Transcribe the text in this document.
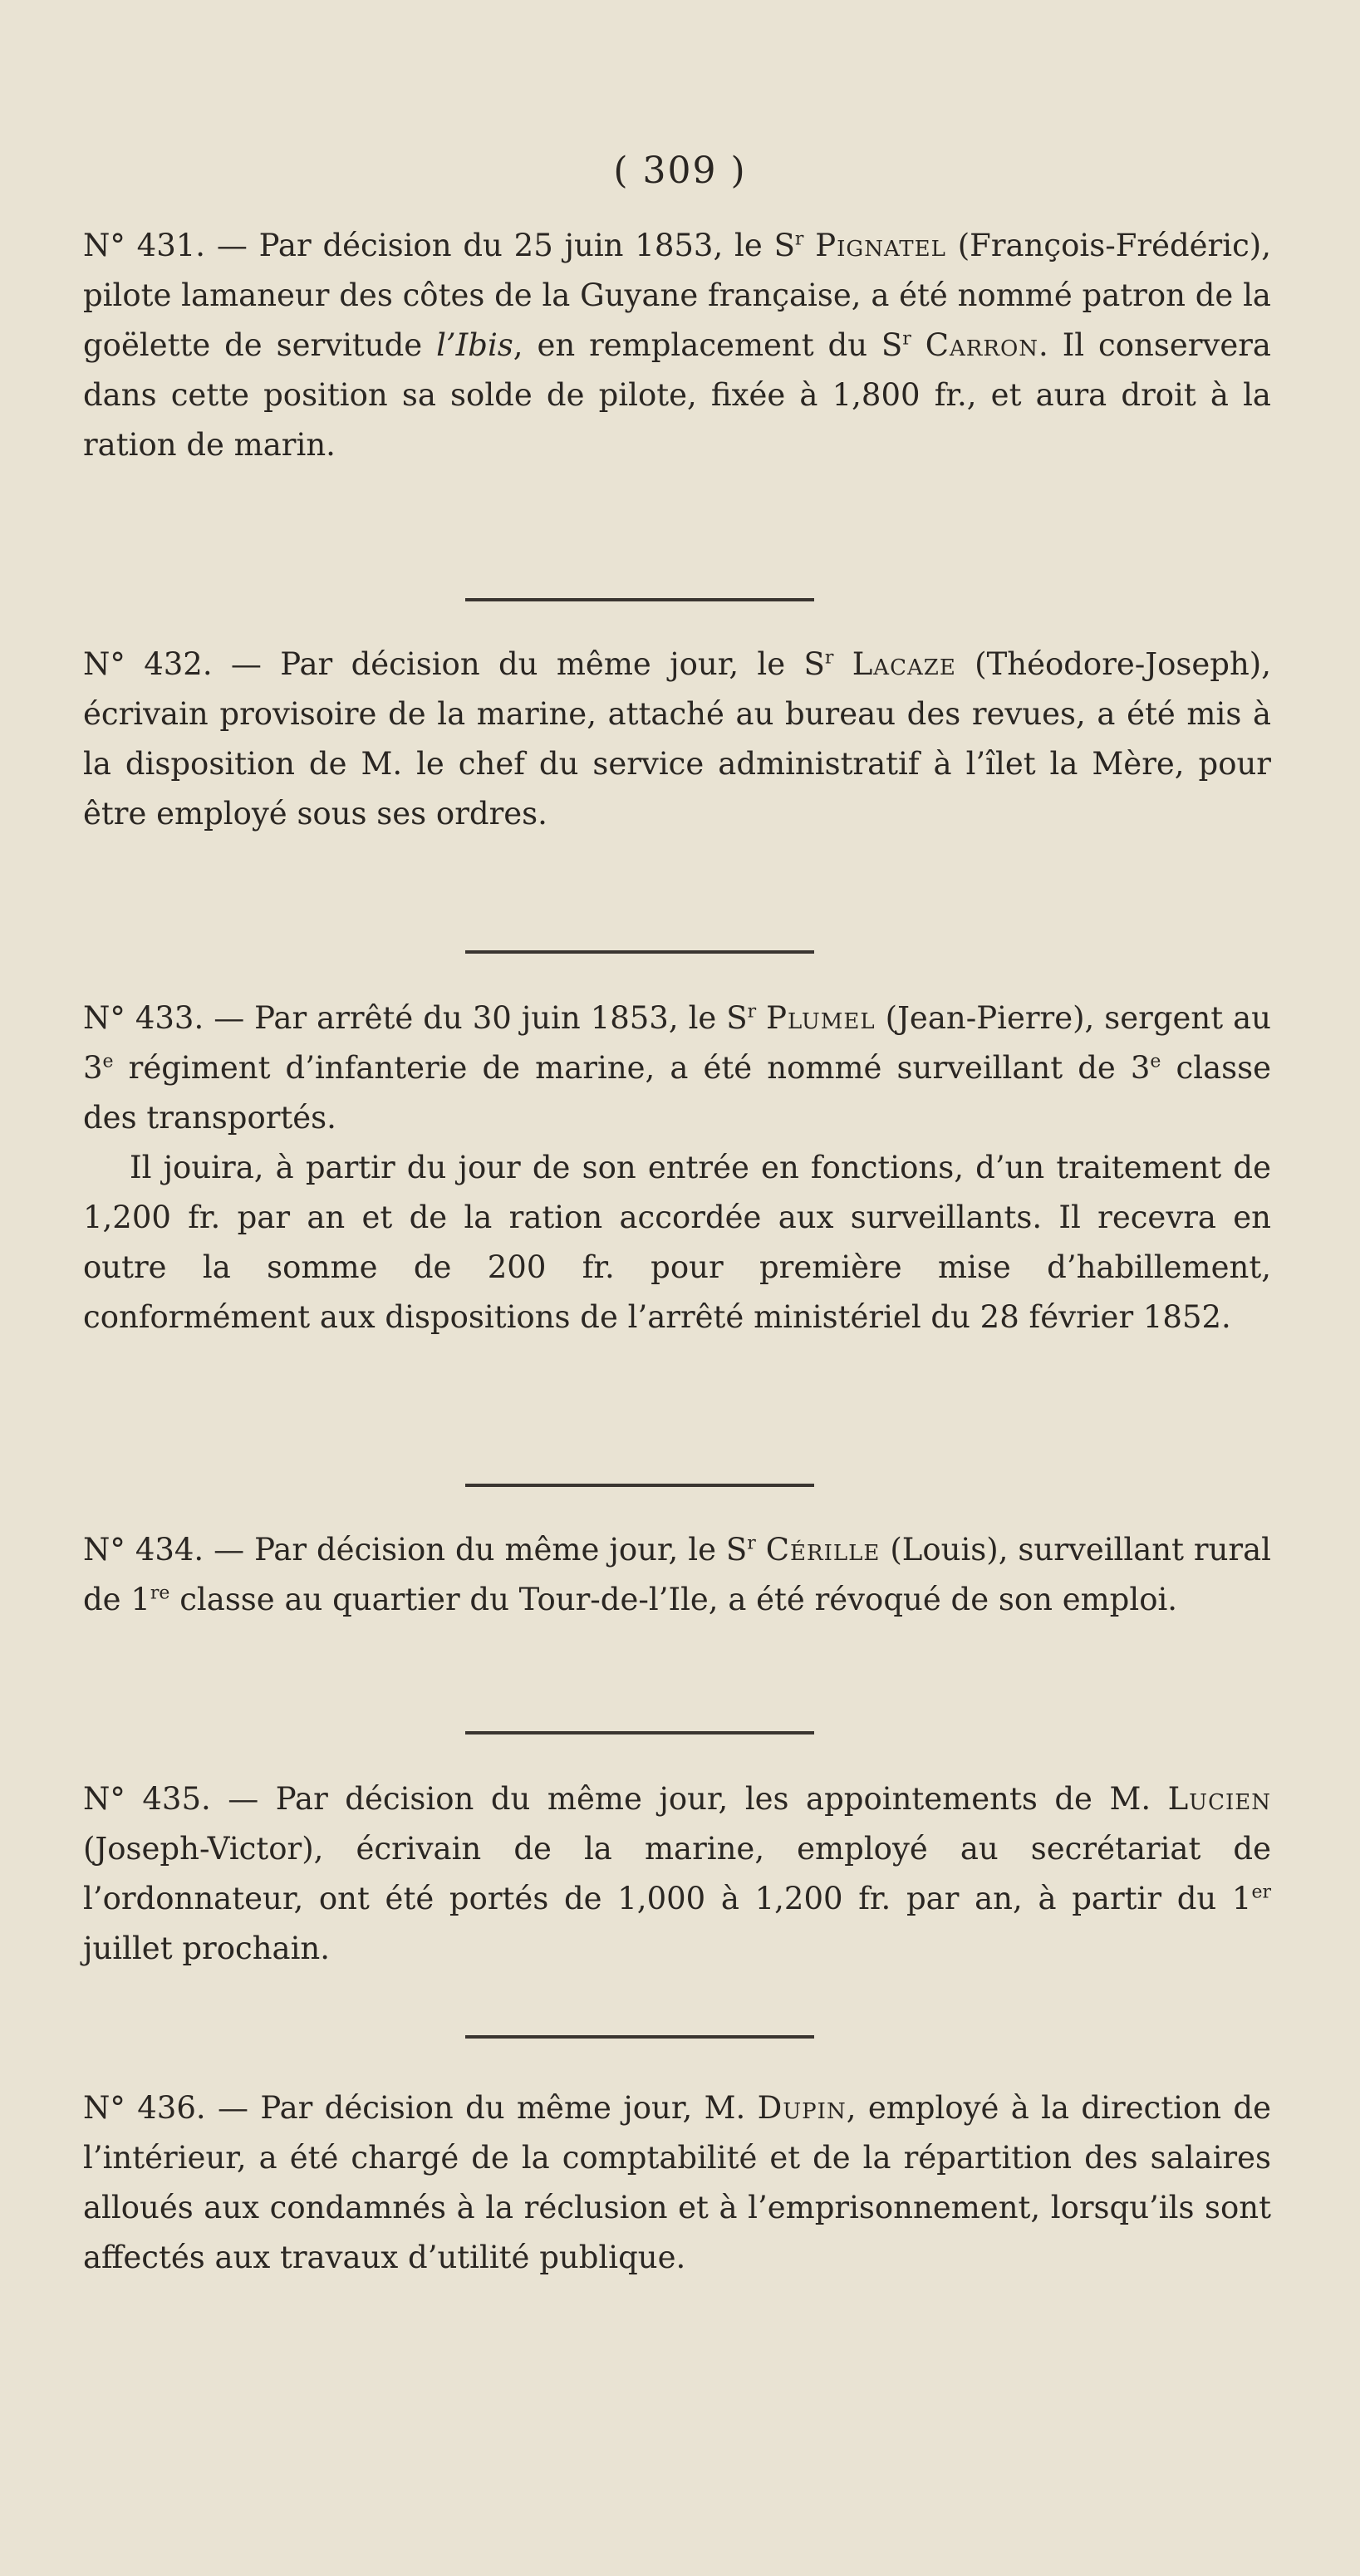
( 309 )

N° 431. — Par décision du 25 juin 1853, le $S^r$ Pignatel (François-Frédéric), pilote lamaneur des côtes de la Guyane française, a été nommé patron de la goëlette de servitude l’Ibis, en remplacement du $S^r$ Carron. Il conservera dans cette position sa solde de pilote, fixée à 1,800 fr., et aura droit à la ration de marin.

N° 432. — Par décision du même jour, le $S^r$ Lacaze (Théodore-Joseph), écrivain provisoire de la marine, attaché au bureau des revues, a été mis à la disposition de M. le chef du service administratif à l’îlet la Mère, pour être employé sous ses ordres.

N° 433. — Par arrêté du 30 juin 1853, le $S^r$ Plumel (Jean-Pierre), sergent au 3e régiment d’infanterie de marine, a été nommé surveillant de 3e classe des transportés.

Il jouira, à partir du jour de son entrée en fonctions, d’un traitement de 1,200 fr. par an et de la ration accordée aux surveillants. Il recevra en outre la somme de 200 fr. pour première mise d’habillement, conformément aux dispositions de l’arrêté ministériel du 28 février 1852.

N° 434. — Par décision du même jour, le $S^r$ Cérille (Louis), surveillant rural de 1re classe au quartier du Tour-de-l’Ile, a été révoqué de son emploi.

N° 435. — Par décision du même jour, les appointements de M. Lucien (Joseph-Victor), écrivain de la marine, employé au secrétariat de l’ordonnateur, ont été portés de 1,000 à 1,200 fr. par an, à partir du 1er juillet prochain.

N° 436. — Par décision du même jour, M. Dupin, employé à la direction de l’intérieur, a été chargé de la comptabilité et de la répartition des salaires alloués aux condamnés à la réclusion et à l’emprisonnement, lorsqu’ils sont affectés aux travaux d’utilité publique.
